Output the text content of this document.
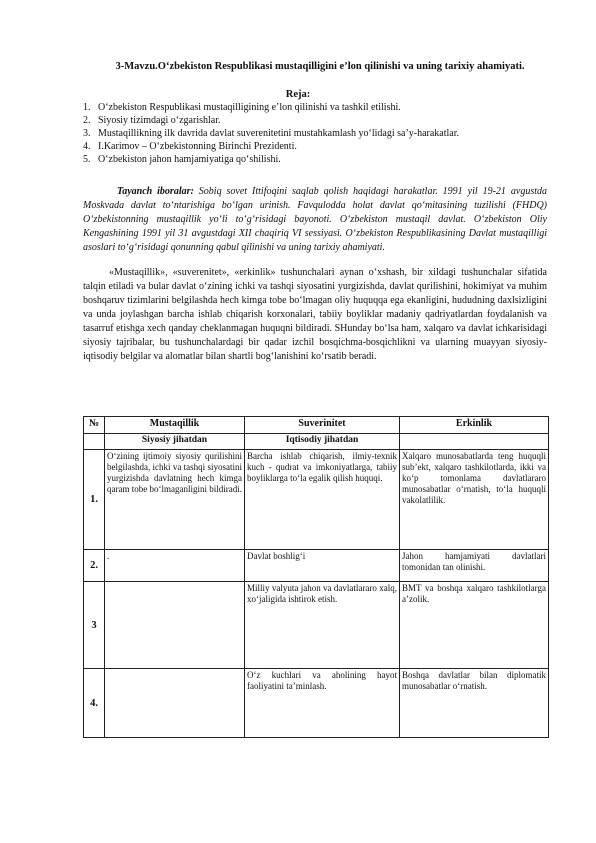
3-Mavzu.O‘zbekiston Respublikasi mustaqilligini e’lon qilinishi va uning tarixiy ahamiyati.
Reja:
1. O‘zbekiston Respublikasi mustaqilligining e’lon qilinishi va tashkil etilishi.
2. Siyosiy tizimdagi o‘zgarishlar.
3. Mustaqillikning ilk davrida davlat suverenitetini mustahkamlash yo‘lidagi sa’y-harakatlar.
4. I.Karimov – O‘zbekistonning Birinchi Prezidenti.
5. O‘zbekiston jahon hamjamiyatiga qo‘shilishi.
Tayanch iboralar: Sobiq sovet Ittifoqini saqlab qolish haqidagi harakatlar. 1991 yil 19-21 avgustda Moskvada davlat to‘ntarishiga bo‘lgan urinish. Favqulodda holat davlat qo‘mitasining tuzilishi (FHDQ) O‘zbekistonning mustaqillik yo‘li to‘g‘risidagi bayonoti. O‘zbekiston mustaqil davlat. O‘zbekiston Oliy Kengashining 1991 yil 31 avgustdagi XII chaqiriq VI sessiyasi. O‘zbekiston Respublikasining Davlat mustaqilligi asoslari to‘g‘risidagi qonunning qabul qilinishi va uning tarixiy ahamiyati.
«Mustaqillik», «suverenitet», «erkinlik» tushunchalari aynan o‘xshash, bir xildagi tushunchalar sifatida talqin etiladi va bular davlat o‘zining ichki va tashqi siyosatini yurgizishda, davlat qurilishini, hokimiyat va muhim boshqaruv tizimlarini belgilashda hech kimga tobe bo‘lmagan oliy huquqqa ega ekanligini, hududning daxlsizligini va unda joylashgan barcha ishlab chiqarish korxonalari, tabiiy boyliklar madaniy qadriyatlardan foydalanish va tasarruf etishga xech qanday cheklanmagan huquqni bildiradi. SHunday bo‘lsa ham, xalqaro va davlat ichkarisidagi siyosiy tajribalar, bu tushunchalardagi bir qadar izchil bosqichma-bosqichlikni va ularning muayyan siyosiy-iqtisodiy belgilar va alomatlar bilan shartli bog‘lanishini ko‘rsatib beradi.
№	Mustaqillik	Suverinitet	Erkinlik
	Siyosiy jihatdan	Iqtisodiy jihatdan	
1.	O‘zining ijtimoiy siyosiy qurilishini belgilashda, ichki va tashqi siyosatini yurgizishda davlatning hech kimga qaram tobe bo‘lmaganligini bildiradi.	Barcha ishlab chiqarish, ilmiy-texnik kuch - qudrat va imkoniyatlarga, tabiiy boyliklarga to‘la egalik qilish huquqi.	Xalqaro munosabatlarda teng huquqli sub’ekt, xalqaro tashkilotlarda, ikki va ko‘p tomonlama davlatlararo munosabatlar o‘rnatish, to‘la huquqli vakolatlilik.
2.	.	Davlat boshlig‘i	Jahon hamjamiyati davlatlari tomonidan tan olinishi.
3		Milliy valyuta jahon va davlatlararo xalq, xo‘jaligida ishtirok etish.	BMT va boshqa xalqaro tashkilotlarga a’zolik.
4.		O‘z kuchlari va aholining hayot faoliyatini ta’minlash.	Boshqa davlatlar bilan diplomatik munosabatlar o‘rnatish.
